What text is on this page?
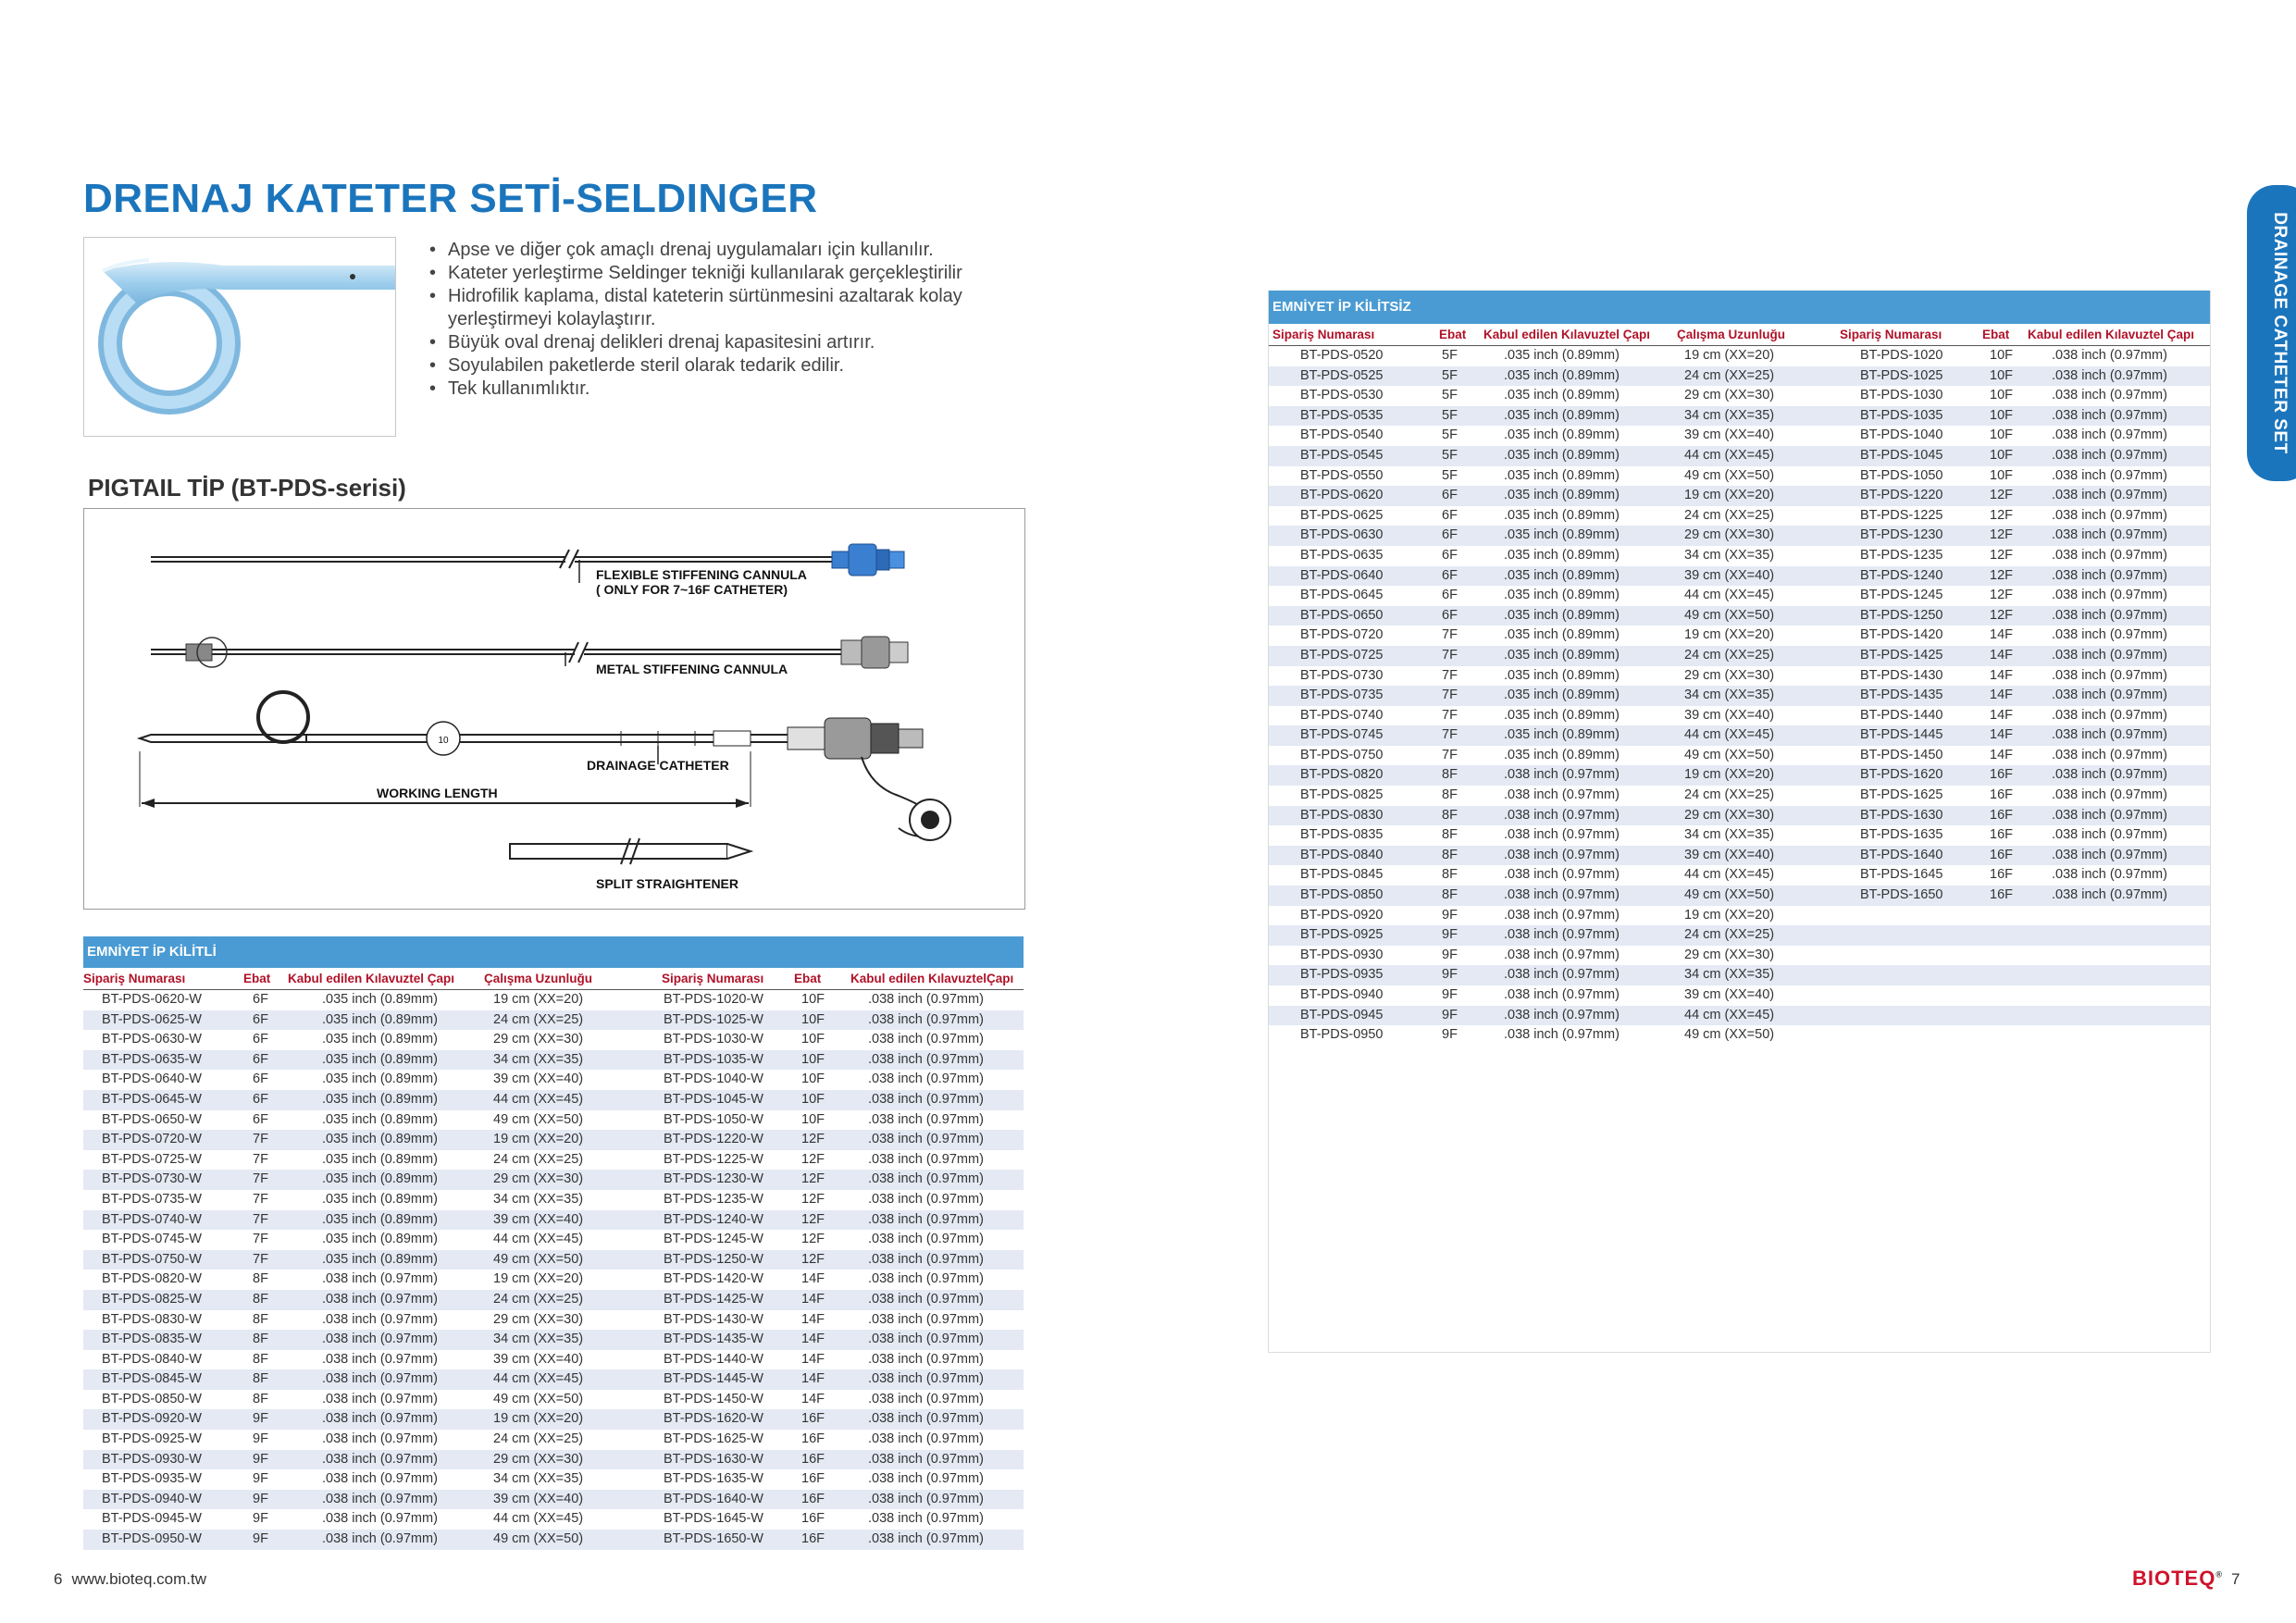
DRENAJ KATETER SETİ-SELDINGER
• Apse ve diğer çok amaçlı drenaj uygulamaları için kullanılır.
• Kateter yerleştirme Seldinger tekniği kullanılarak gerçekleştirilir
• Hidrofilik kaplama, distal kateterin sürtünmesini azaltarak kolay yerleştirmeyi kolaylaştırır.
• Büyük oval drenaj delikleri drenaj kapasitesini artırır.
• Soyulabilen paketlerde steril olarak tedarik edilir.
• Tek kullanımlıktır.
PIGTAIL TİP (BT-PDS-serisi)
FLEXIBLE STIFFENING CANNULA
( ONLY FOR 7~16F CATHETER)
METAL STIFFENING CANNULA
10
DRAINAGE CATHETER
WORKING LENGTH
SPLIT STRAIGHTENER
EMNİYET İP KİLİTLİ
Sipariş Numarası	Ebat Kabul edilen Kılavuztel Çapı Çalışma Uzunluğu	Sipariş Numarası Ebat Kabul edilen KılavuztelÇapı
BT-PDS-0620-W	6F	.035 inch (0.89mm)	19 cm (XX=20)	BT-PDS-1020-W	10F	.038 inch (0.97mm)
BT-PDS-0625-W	6F	.035 inch (0.89mm)	24 cm (XX=25)	BT-PDS-1025-W	10F	.038 inch (0.97mm)
BT-PDS-0630-W	6F	.035 inch (0.89mm)	29 cm (XX=30)	BT-PDS-1030-W	10F	.038 inch (0.97mm)
BT-PDS-0635-W	6F	.035 inch (0.89mm)	34 cm (XX=35)	BT-PDS-1035-W	10F	.038 inch (0.97mm)
BT-PDS-0640-W	6F	.035 inch (0.89mm)	39 cm (XX=40)	BT-PDS-1040-W	10F	.038 inch (0.97mm)
BT-PDS-0645-W	6F	.035 inch (0.89mm)	44 cm (XX=45)	BT-PDS-1045-W	10F	.038 inch (0.97mm)
BT-PDS-0650-W	6F	.035 inch (0.89mm)	49 cm (XX=50)	BT-PDS-1050-W	10F	.038 inch (0.97mm)
BT-PDS-0720-W	7F	.035 inch (0.89mm)	19 cm (XX=20)	BT-PDS-1220-W	12F	.038 inch (0.97mm)
BT-PDS-0725-W	7F	.035 inch (0.89mm)	24 cm (XX=25)	BT-PDS-1225-W	12F	.038 inch (0.97mm)
BT-PDS-0730-W	7F	.035 inch (0.89mm)	29 cm (XX=30)	BT-PDS-1230-W	12F	.038 inch (0.97mm)
BT-PDS-0735-W	7F	.035 inch (0.89mm)	34 cm (XX=35)	BT-PDS-1235-W	12F	.038 inch (0.97mm)
BT-PDS-0740-W	7F	.035 inch (0.89mm)	39 cm (XX=40)	BT-PDS-1240-W	12F	.038 inch (0.97mm)
BT-PDS-0745-W	7F	.035 inch (0.89mm)	44 cm (XX=45)	BT-PDS-1245-W	12F	.038 inch (0.97mm)
BT-PDS-0750-W	7F	.035 inch (0.89mm)	49 cm (XX=50)	BT-PDS-1250-W	12F	.038 inch (0.97mm)
BT-PDS-0820-W	8F	.038 inch (0.97mm)	19 cm (XX=20)	BT-PDS-1420-W	14F	.038 inch (0.97mm)
BT-PDS-0825-W	8F	.038 inch (0.97mm)	24 cm (XX=25)	BT-PDS-1425-W	14F	.038 inch (0.97mm)
BT-PDS-0830-W	8F	.038 inch (0.97mm)	29 cm (XX=30)	BT-PDS-1430-W	14F	.038 inch (0.97mm)
BT-PDS-0835-W	8F	.038 inch (0.97mm)	34 cm (XX=35)	BT-PDS-1435-W	14F	.038 inch (0.97mm)
BT-PDS-0840-W	8F	.038 inch (0.97mm)	39 cm (XX=40)	BT-PDS-1440-W	14F	.038 inch (0.97mm)
BT-PDS-0845-W	8F	.038 inch (0.97mm)	44 cm (XX=45)	BT-PDS-1445-W	14F	.038 inch (0.97mm)
BT-PDS-0850-W	8F	.038 inch (0.97mm)	49 cm (XX=50)	BT-PDS-1450-W	14F	.038 inch (0.97mm)
BT-PDS-0920-W	9F	.038 inch (0.97mm)	19 cm (XX=20)	BT-PDS-1620-W	16F	.038 inch (0.97mm)
BT-PDS-0925-W	9F	.038 inch (0.97mm)	24 cm (XX=25)	BT-PDS-1625-W	16F	.038 inch (0.97mm)
BT-PDS-0930-W	9F	.038 inch (0.97mm)	29 cm (XX=30)	BT-PDS-1630-W	16F	.038 inch (0.97mm)
BT-PDS-0935-W	9F	.038 inch (0.97mm)	34 cm (XX=35)	BT-PDS-1635-W	16F	.038 inch (0.97mm)
BT-PDS-0940-W	9F	.038 inch (0.97mm)	39 cm (XX=40)	BT-PDS-1640-W	16F	.038 inch (0.97mm)
BT-PDS-0945-W	9F	.038 inch (0.97mm)	44 cm (XX=45)	BT-PDS-1645-W	16F	.038 inch (0.97mm)
BT-PDS-0950-W	9F	.038 inch (0.97mm)	49 cm (XX=50)	BT-PDS-1650-W	16F	.038 inch (0.97mm)
EMNİYET İP KİLİTSİZ
Sipariş Numarası	Ebat Kabul edilen Kılavuztel Çapı Çalışma Uzunluğu	Sipariş Numarası	Ebat Kabul edilen Kılavuztel Çapı
BT-PDS-0520	5F	.035 inch (0.89mm)	19 cm (XX=20)	BT-PDS-1020	10F	.038 inch (0.97mm)
BT-PDS-0525	5F	.035 inch (0.89mm)	24 cm (XX=25)	BT-PDS-1025	10F	.038 inch (0.97mm)
BT-PDS-0530	5F	.035 inch (0.89mm)	29 cm (XX=30)	BT-PDS-1030	10F	.038 inch (0.97mm)
BT-PDS-0535	5F	.035 inch (0.89mm)	34 cm (XX=35)	BT-PDS-1035	10F	.038 inch (0.97mm)
BT-PDS-0540	5F	.035 inch (0.89mm)	39 cm (XX=40)	BT-PDS-1040	10F	.038 inch (0.97mm)
BT-PDS-0545	5F	.035 inch (0.89mm)	44 cm (XX=45)	BT-PDS-1045	10F	.038 inch (0.97mm)
BT-PDS-0550	5F	.035 inch (0.89mm)	49 cm (XX=50)	BT-PDS-1050	10F	.038 inch (0.97mm)
BT-PDS-0620	6F	.035 inch (0.89mm)	19 cm (XX=20)	BT-PDS-1220	12F	.038 inch (0.97mm)
BT-PDS-0625	6F	.035 inch (0.89mm)	24 cm (XX=25)	BT-PDS-1225	12F	.038 inch (0.97mm)
BT-PDS-0630	6F	.035 inch (0.89mm)	29 cm (XX=30)	BT-PDS-1230	12F	.038 inch (0.97mm)
BT-PDS-0635	6F	.035 inch (0.89mm)	34 cm (XX=35)	BT-PDS-1235	12F	.038 inch (0.97mm)
BT-PDS-0640	6F	.035 inch (0.89mm)	39 cm (XX=40)	BT-PDS-1240	12F	.038 inch (0.97mm)
BT-PDS-0645	6F	.035 inch (0.89mm)	44 cm (XX=45)	BT-PDS-1245	12F	.038 inch (0.97mm)
BT-PDS-0650	6F	.035 inch (0.89mm)	49 cm (XX=50)	BT-PDS-1250	12F	.038 inch (0.97mm)
BT-PDS-0720	7F	.035 inch (0.89mm)	19 cm (XX=20)	BT-PDS-1420	14F	.038 inch (0.97mm)
BT-PDS-0725	7F	.035 inch (0.89mm)	24 cm (XX=25)	BT-PDS-1425	14F	.038 inch (0.97mm)
BT-PDS-0730	7F	.035 inch (0.89mm)	29 cm (XX=30)	BT-PDS-1430	14F	.038 inch (0.97mm)
BT-PDS-0735	7F	.035 inch (0.89mm)	34 cm (XX=35)	BT-PDS-1435	14F	.038 inch (0.97mm)
BT-PDS-0740	7F	.035 inch (0.89mm)	39 cm (XX=40)	BT-PDS-1440	14F	.038 inch (0.97mm)
BT-PDS-0745	7F	.035 inch (0.89mm)	44 cm (XX=45)	BT-PDS-1445	14F	.038 inch (0.97mm)
BT-PDS-0750	7F	.035 inch (0.89mm)	49 cm (XX=50)	BT-PDS-1450	14F	.038 inch (0.97mm)
BT-PDS-0820	8F	.038 inch (0.97mm)	19 cm (XX=20)	BT-PDS-1620	16F	.038 inch (0.97mm)
BT-PDS-0825	8F	.038 inch (0.97mm)	24 cm (XX=25)	BT-PDS-1625	16F	.038 inch (0.97mm)
BT-PDS-0830	8F	.038 inch (0.97mm)	29 cm (XX=30)	BT-PDS-1630	16F	.038 inch (0.97mm)
BT-PDS-0835	8F	.038 inch (0.97mm)	34 cm (XX=35)	BT-PDS-1635	16F	.038 inch (0.97mm)
BT-PDS-0840	8F	.038 inch (0.97mm)	39 cm (XX=40)	BT-PDS-1640	16F	.038 inch (0.97mm)
BT-PDS-0845	8F	.038 inch (0.97mm)	44 cm (XX=45)	BT-PDS-1645	16F	.038 inch (0.97mm)
BT-PDS-0850	8F	.038 inch (0.97mm)	49 cm (XX=50)	BT-PDS-1650	16F	.038 inch (0.97mm)
BT-PDS-0920	9F	.038 inch (0.97mm)	19 cm (XX=20)
BT-PDS-0925	9F	.038 inch (0.97mm)	24 cm (XX=25)
BT-PDS-0930	9F	.038 inch (0.97mm)	29 cm (XX=30)
BT-PDS-0935	9F	.038 inch (0.97mm)	34 cm (XX=35)
BT-PDS-0940	9F	.038 inch (0.97mm)	39 cm (XX=40)
BT-PDS-0945	9F	.038 inch (0.97mm)	44 cm (XX=45)
BT-PDS-0950	9F	.038 inch (0.97mm)	49 cm (XX=50)
DRAINAGE CATHETER SET
6 www.bioteq.com.tw	BIOTEQ® 7
